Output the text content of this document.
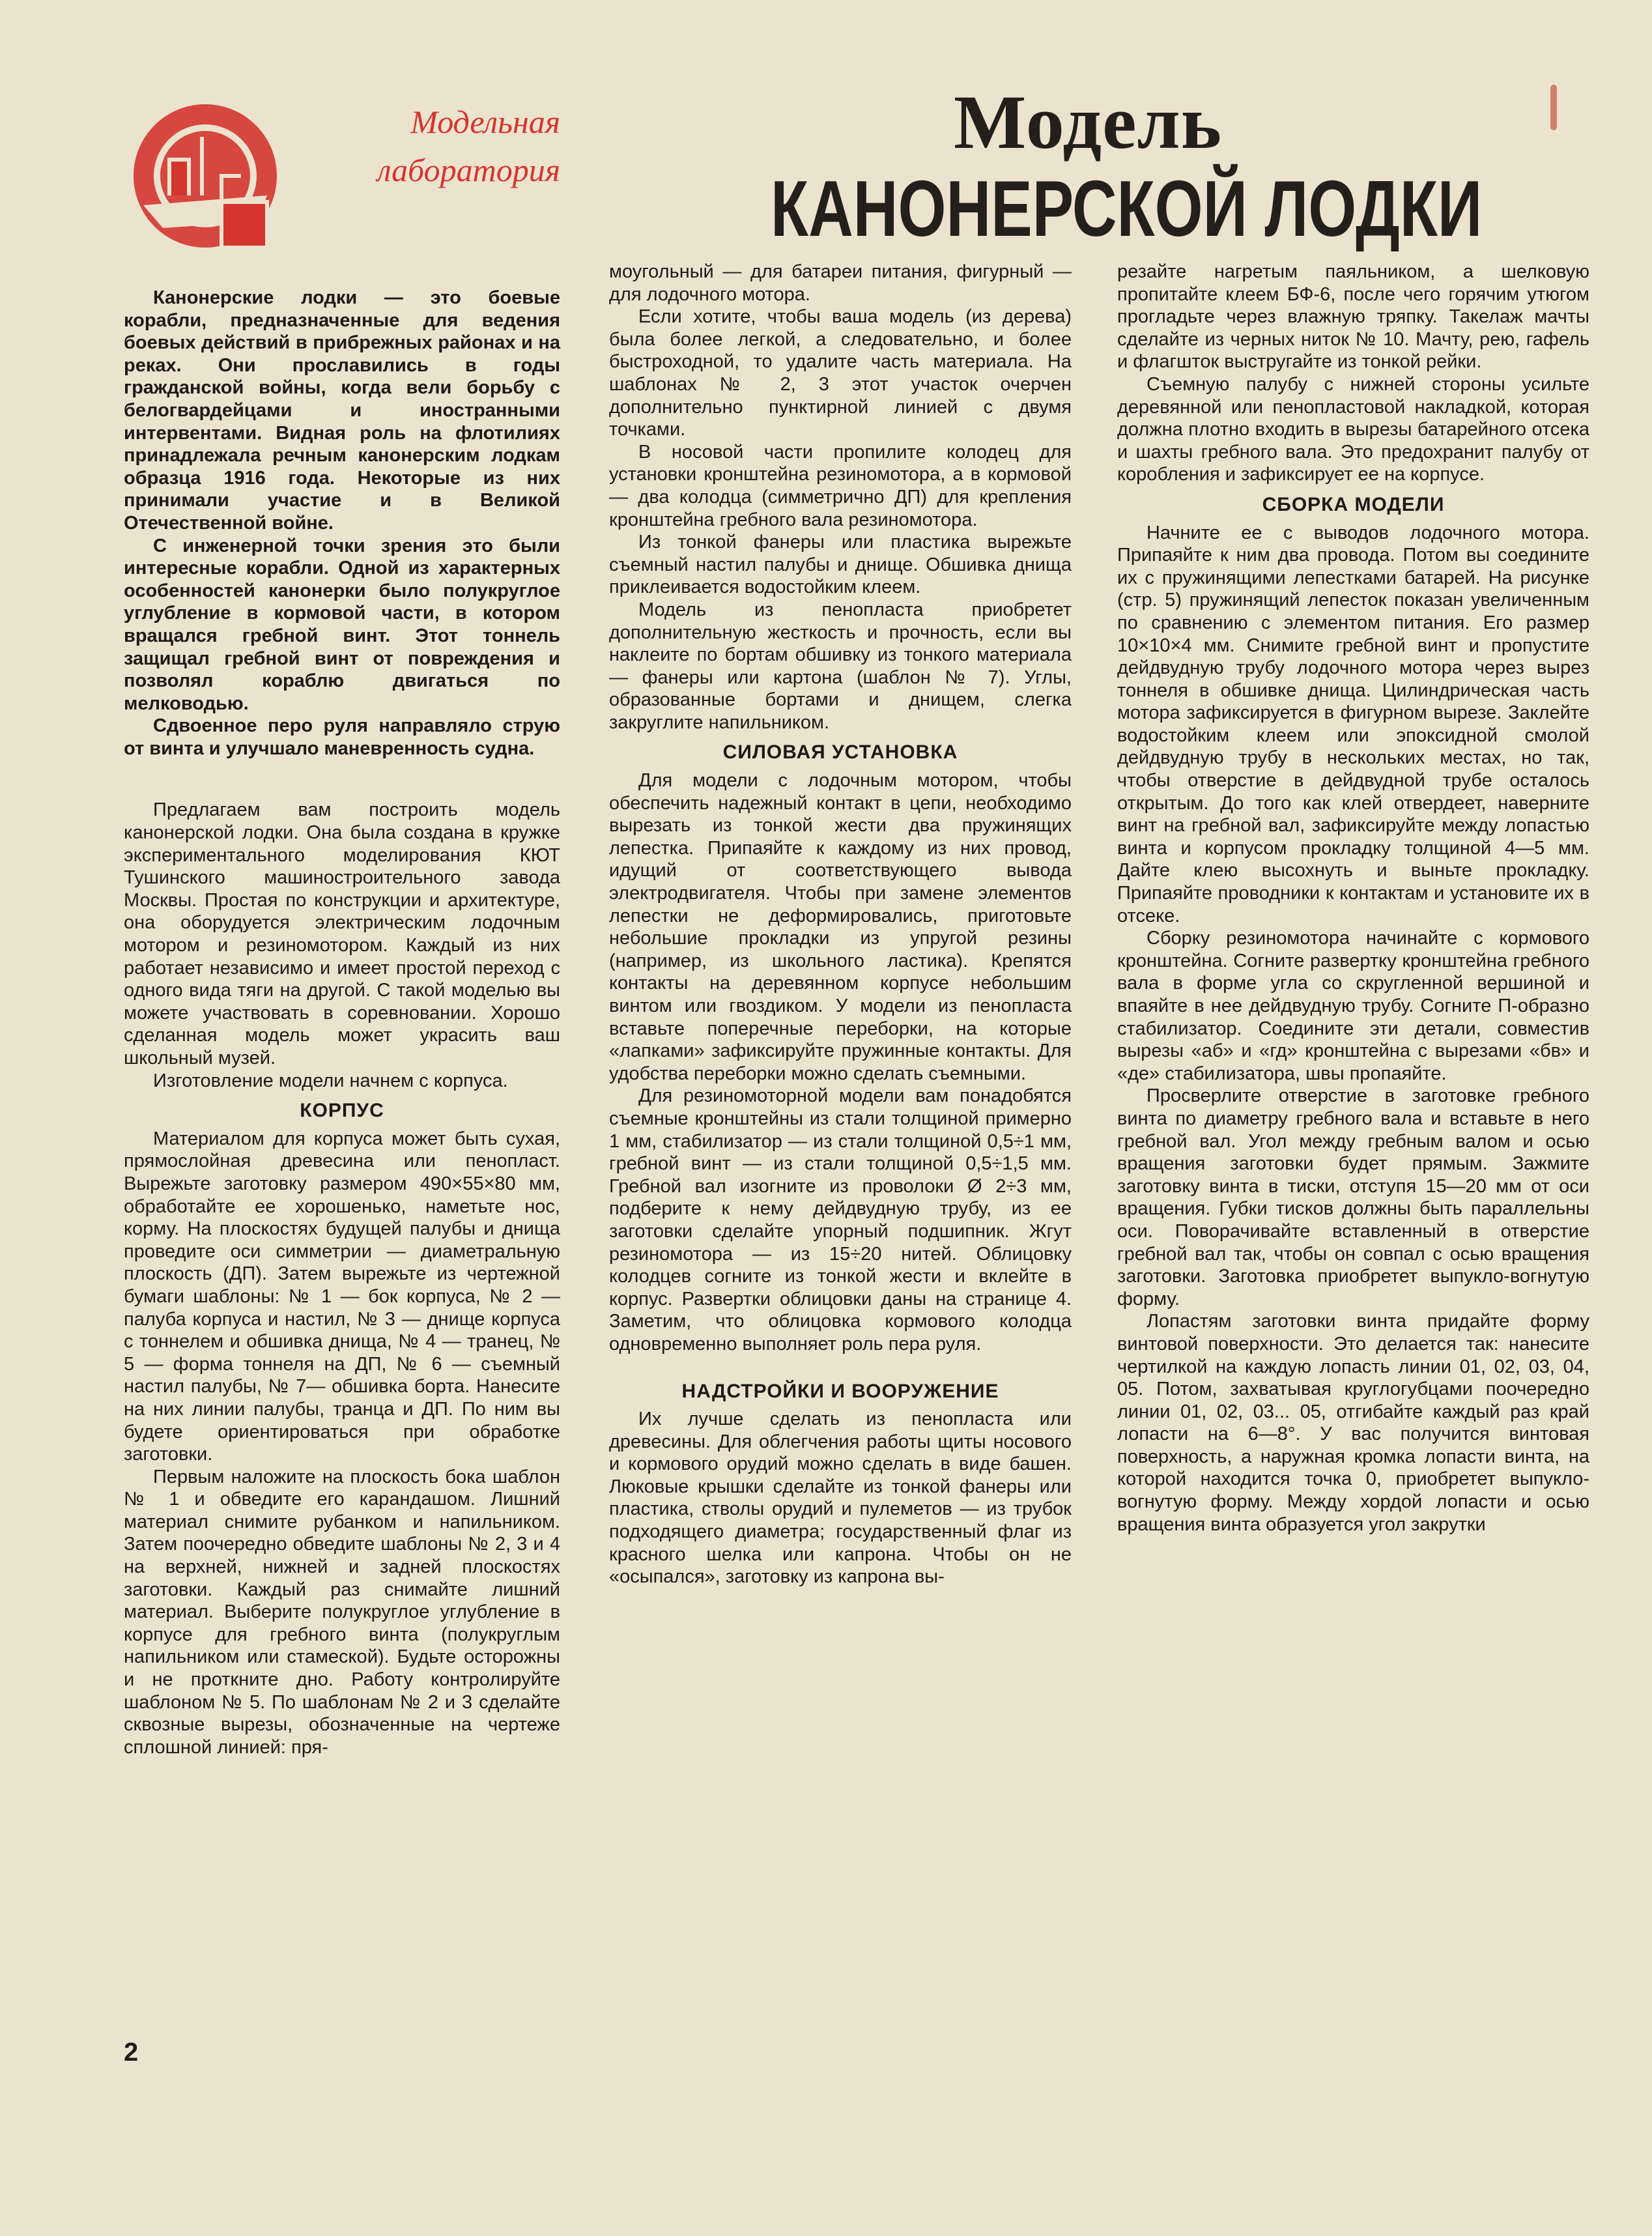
Модельная
лаборатория
Модель
КАНОНЕРСКОЙ ЛОДКИ

Канонерские лодки — это боевые корабли, предназначенные для ведения боевых действий в прибрежных районах и на реках. Они прославились в годы гражданской войны, когда вели борьбу с белогвардейцами и иностранными интервентами. Видная роль на флотилиях принадлежала речным канонерским лодкам образца 1916 года. Некоторые из них принимали участие и в Великой Отечественной войне.

С инженерной точки зрения это были интересные корабли. Одной из характерных особенностей канонерки было полукруглое углубление в кормовой части, в котором вращался гребной винт. Этот тоннель защищал гребной винт от повреждения и позволял кораблю двигаться по мелководью.

Сдвоенное перо руля направляло струю от винта и улучшало маневренность судна.

Предлагаем вам построить модель канонерской лодки. Она была создана в кружке экспериментального моделирования КЮТ Тушинского машиностроительного завода Москвы. Простая по конструкции и архитектуре, она оборудуется электрическим лодочным мотором и резиномотором. Каждый из них работает независимо и имеет простой переход с одного вида тяги на другой. С такой моделью вы можете участвовать в соревновании. Хорошо сделанная модель может украсить ваш школьный музей.

Изготовление модели начнем с корпуса.

КОРПУС

Материалом для корпуса может быть сухая, прямослойная древесина или пенопласт. Вырежьте заготовку размером 490×55×80 мм, обработайте ее хорошенько, наметьте нос, корму. На плоскостях будущей палубы и днища проведите оси симметрии — диаметральную плоскость (ДП). Затем вырежьте из чертежной бумаги шаблоны: № 1 — бок корпуса, № 2 — палуба корпуса и настил, № 3 — днище корпуса с тоннелем и обшивка днища, № 4 — транец, № 5 — форма тоннеля на ДП, № 6 — съемный настил палубы, № 7— обшивка борта. Нанесите на них линии палубы, транца и ДП. По ним вы будете ориентироваться при обработке заготовки.

Первым наложите на плоскость бока шаблон № 1 и обведите его карандашом. Лишний материал снимите рубанком и напильником. Затем поочередно обведите шаблоны № 2, 3 и 4 на верхней, нижней и задней плоскостях заготовки. Каждый раз снимайте лишний материал. Выберите полукруглое углубление в корпусе для гребного винта (полукруглым напильником или стамеской). Будьте осторожны и не проткните дно. Работу контролируйте шаблоном № 5. По шаблонам № 2 и 3 сделайте сквозные вырезы, обозначенные на чертеже сплошной линией: пря-

моугольный — для батареи питания, фигурный — для лодочного мотора.

Если хотите, чтобы ваша модель (из дерева) была более легкой, а следовательно, и более быстроходной, то удалите часть материала. На шаблонах № 2, 3 этот участок очерчен дополнительно пунктирной линией с двумя точками.

В носовой части пропилите колодец для установки кронштейна резиномотора, а в кормовой — два колодца (симметрично ДП) для крепления кронштейна гребного вала резиномотора.

Из тонкой фанеры или пластика вырежьте съемный настил палубы и днище. Обшивка днища приклеивается водостойким клеем.

Модель из пенопласта приобретет дополнительную жесткость и прочность, если вы наклеите по бортам обшивку из тонкого материала — фанеры или картона (шаблон № 7). Углы, образованные бортами и днищем, слегка закруглите напильником.

СИЛОВАЯ УСТАНОВКА

Для модели с лодочным мотором, чтобы обеспечить надежный контакт в цепи, необходимо вырезать из тонкой жести два пружинящих лепестка. Припаяйте к каждому из них провод, идущий от соответствующего вывода электродвигателя. Чтобы при замене элементов лепестки не деформировались, приготовьте небольшие прокладки из упругой резины (например, из школьного ластика). Крепятся контакты на деревянном корпусе небольшим винтом или гвоздиком. У модели из пенопласта вставьте поперечные переборки, на которые «лапками» зафиксируйте пружинные контакты. Для удобства переборки можно сделать съемными.

Для резиномоторной модели вам понадобятся съемные кронштейны из стали толщиной примерно 1 мм, стабилизатор — из стали толщиной 0,5÷1 мм, гребной винт — из стали толщиной 0,5÷1,5 мм. Гребной вал изогните из проволоки Ø 2÷3 мм, подберите к нему дейдвудную трубу, из ее заготовки сделайте упорный подшипник. Жгут резиномотора — из 15÷20 нитей. Облицовку колодцев согните из тонкой жести и вклейте в корпус. Развертки облицовки даны на странице 4. Заметим, что облицовка кормового колодца одновременно выполняет роль пера руля.

НАДСТРОЙКИ И ВООРУЖЕНИЕ

Их лучше сделать из пенопласта или древесины. Для облегчения работы щиты носового и кормового орудий можно сделать в виде башен. Люковые крышки сделайте из тонкой фанеры или пластика, стволы орудий и пулеметов — из трубок подходящего диаметра; государственный флаг из красного шелка или капрона. Чтобы он не «осыпался», заготовку из капрона вы-

резайте нагретым паяльником, а шелковую пропитайте клеем БФ-6, после чего горячим утюгом прогладьте через влажную тряпку. Такелаж мачты сделайте из черных ниток № 10. Мачту, рею, гафель и флагшток выстругайте из тонкой рейки.

Съемную палубу с нижней стороны усильте деревянной или пенопластовой накладкой, которая должна плотно входить в вырезы батарейного отсека и шахты гребного вала. Это предохранит палубу от коробления и зафиксирует ее на корпусе.

СБОРКА МОДЕЛИ

Начните ее с выводов лодочного мотора. Припаяйте к ним два провода. Потом вы соедините их с пружинящими лепестками батарей. На рисунке (стр. 5) пружинящий лепесток показан увеличенным по сравнению с элементом питания. Его размер 10×10×4 мм. Снимите гребной винт и пропустите дейдвудную трубу лодочного мотора через вырез тоннеля в обшивке днища. Цилиндрическая часть мотора зафиксируется в фигурном вырезе. Заклейте водостойким клеем или эпоксидной смолой дейдвудную трубу в нескольких местах, но так, чтобы отверстие в дейдвудной трубе осталось открытым. До того как клей отвердеет, наверните винт на гребной вал, зафиксируйте между лопастью винта и корпусом прокладку толщиной 4—5 мм. Дайте клею высохнуть и выньте прокладку. Припаяйте проводники к контактам и установите их в отсеке.

Сборку резиномотора начинайте с кормового кронштейна. Согните развертку кронштейна гребного вала в форме угла со скругленной вершиной и впаяйте в нее дейдвудную трубу. Согните П-образно стабилизатор. Соедините эти детали, совместив вырезы «аб» и «гд» кронштейна с вырезами «бв» и «де» стабилизатора, швы пропаяйте.

Просверлите отверстие в заготовке гребного винта по диаметру гребного вала и вставьте в него гребной вал. Угол между гребным валом и осью вращения заготовки будет прямым. Зажмите заготовку винта в тиски, отступя 15—20 мм от оси вращения. Губки тисков должны быть параллельны оси. Поворачивайте вставленный в отверстие гребной вал так, чтобы он совпал с осью вращения заготовки. Заготовка приобретет выпукло-вогнутую форму.

Лопастям заготовки винта придайте форму винтовой поверхности. Это делается так: нанесите чертилкой на каждую лопасть линии 01, 02, 03, 04, 05. Потом, захватывая круглогубцами поочередно линии 01, 02, 03... 05, отгибайте каждый раз край лопасти на 6—8°. У вас получится винтовая поверхность, а наружная кромка лопасти винта, на которой находится точка 0, приобретет выпукло-вогнутую форму. Между хордой лопасти и осью вращения винта образуется угол закрутки

2
